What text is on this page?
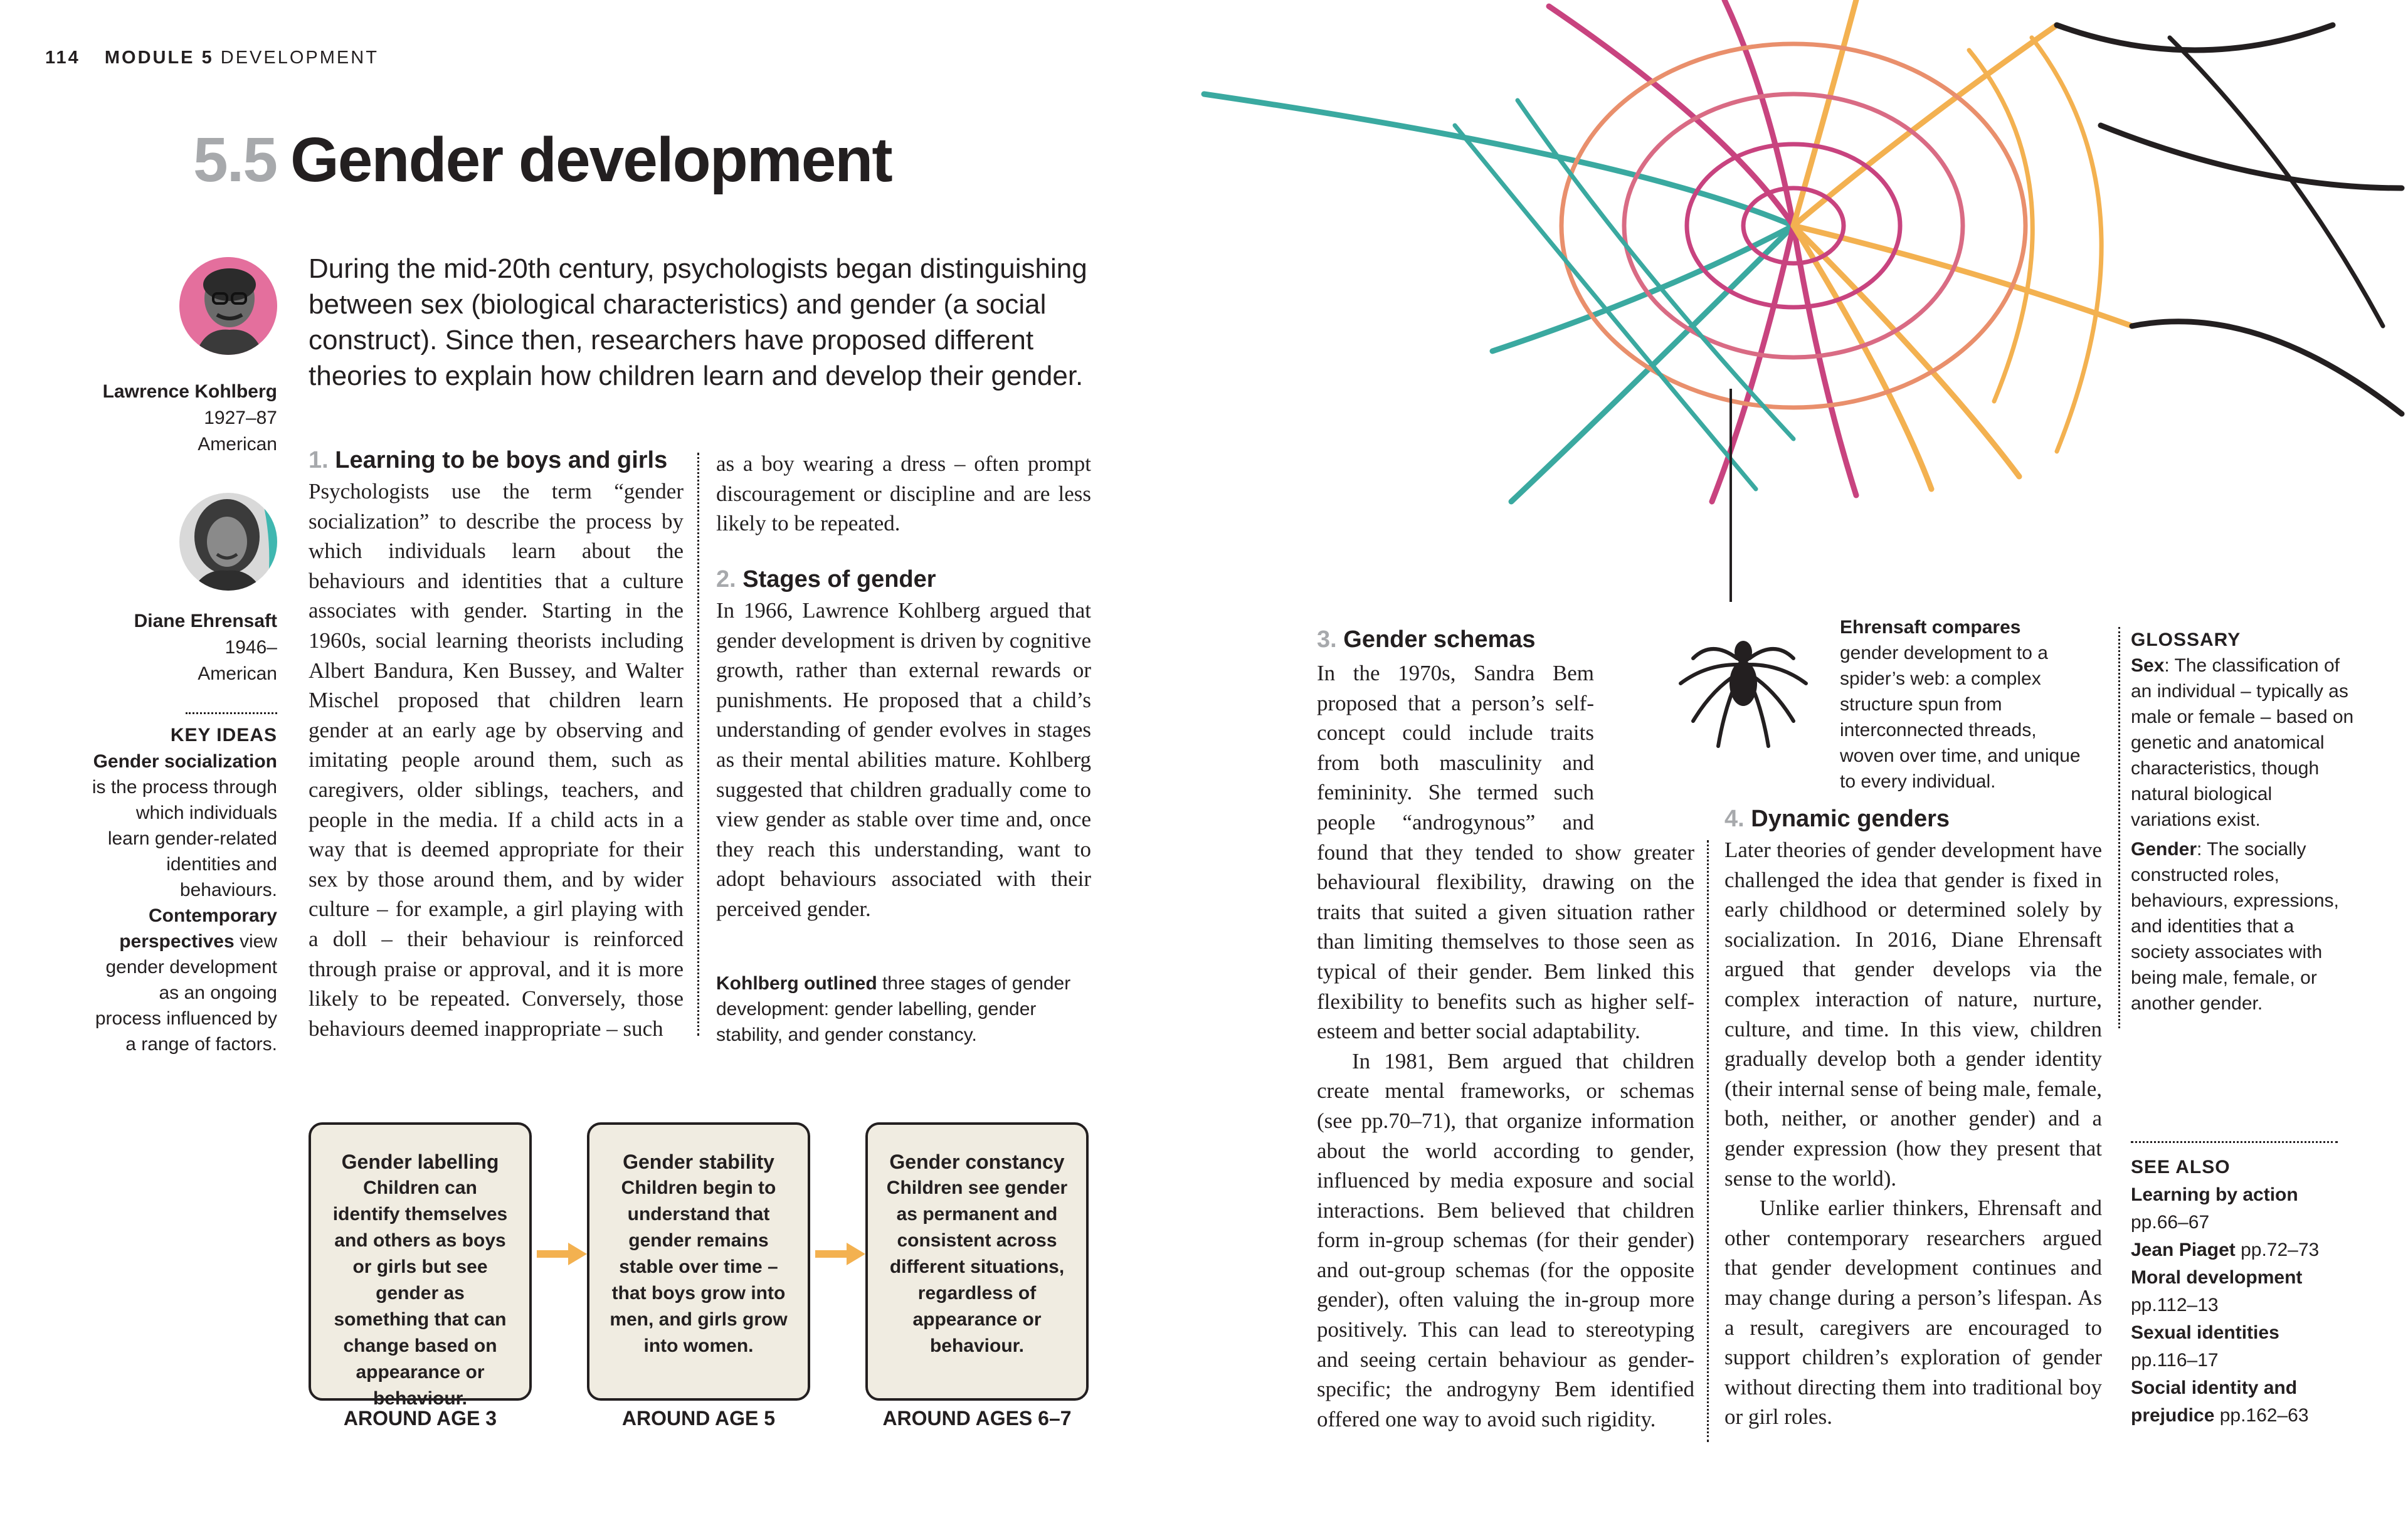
114 MODULE 5 DEVELOPMENT
5.5 Gender development
During the mid-20th century, psychologists began distinguishing between sex (biological characteristics) and gender (a social construct). Since then, researchers have proposed different theories to explain how children learn and develop their gender.
Lawrence Kohlberg
1927–87
American
Diane Ehrensaft
1946–
American
KEY IDEAS
Gender socialization is the process through which individuals learn gender-related identities and behaviours.
Contemporary perspectives view gender development as an ongoing process influenced by a range of factors.
1. Learning to be boys and girls

Psychologists use the term “gender socialization” to describe the process by which individuals learn about the behaviours and identities that a culture associates with gender. Starting in the 1960s, social learning theorists including Albert Bandura, Ken Bussey, and Walter Mischel proposed that children learn gender at an early age by observing and imitating people around them, such as caregivers, older siblings, teachers, and people in the media. If a child acts in a way that is deemed appropriate for their sex by those around them, and by wider culture – for example, a girl playing with a doll – their behaviour is reinforced through praise or approval, and it is more likely to be repeated. Conversely, those behaviours deemed inappropriate – such

as a boy wearing a dress – often prompt discouragement or discipline and are less likely to be repeated.

2. Stages of gender

In 1966, Lawrence Kohlberg argued that gender development is driven by cognitive growth, rather than external rewards or punishments. He proposed that a child’s understanding of gender evolves in stages as their mental abilities mature. Kohlberg suggested that children gradually come to view gender as stable over time and, once they reach this understanding, want to adopt behaviours associated with their perceived gender.

Kohlberg outlined three stages of gender development: gender labelling, gender stability, and gender constancy.
Gender labelling
Children can identify themselves and others as boys or girls but see gender as something that can change based on appearance or behaviour.
Gender stability
Children begin to understand that gender remains stable over time – that boys grow into men, and girls grow into women.
Gender constancy
Children see gender as permanent and consistent across different situations, regardless of appearance or behaviour.
AROUND AGE 3	AROUND AGE 5	AROUND AGES 6–7
Ehrensaft compares gender development to a spider’s web: a complex structure spun from interconnected threads, woven over time, and unique to every individual.
3. Gender schemas

In the 1970s, Sandra Bem proposed that a person’s self-concept could include traits from both masculinity and femininity. She termed such people “androgynous” and found that they tended to show greater behavioural flexibility, drawing on the traits that suited a given situation rather than limiting themselves to those seen as typical of their gender. Bem linked this flexibility to benefits such as higher self-esteem and better social adaptability.

In 1981, Bem argued that children create mental frameworks, or schemas (see pp.70–71), that organize information about the world according to gender, influenced by media exposure and social interactions. Bem believed that children form in-group schemas (for their gender) and out-group schemas (for the opposite gender), often valuing the in-group more positively. This can lead to stereotyping and seeing certain behaviour as gender-specific; the androgyny Bem identified offered one way to avoid such rigidity.

4. Dynamic genders

Later theories of gender development have challenged the idea that gender is fixed in early childhood or determined solely by socialization. In 2016, Diane Ehrensaft argued that gender develops via the complex interaction of nature, nurture, culture, and time. In this view, children gradually develop both a gender identity (their internal sense of being male, female, both, neither, or another gender) and a gender expression (how they present that sense to the world).

Unlike earlier thinkers, Ehrensaft and other contemporary researchers argued that gender development continues and may change during a person’s lifespan. As a result, caregivers are encouraged to support children’s exploration of gender without directing them into traditional boy or girl roles.

GLOSSARY
Sex: The classification of an individual – typically as male or female – based on genetic and anatomical characteristics, though natural biological variations exist.
Gender: The socially constructed roles, behaviours, expressions, and identities that a society associates with being male, female, or another gender.
SEE ALSO
Learning by action
pp.66–67
Jean Piaget pp.72–73
Moral development
pp.112–13
Sexual identities
pp.116–17
Social identity and prejudice pp.162–63
